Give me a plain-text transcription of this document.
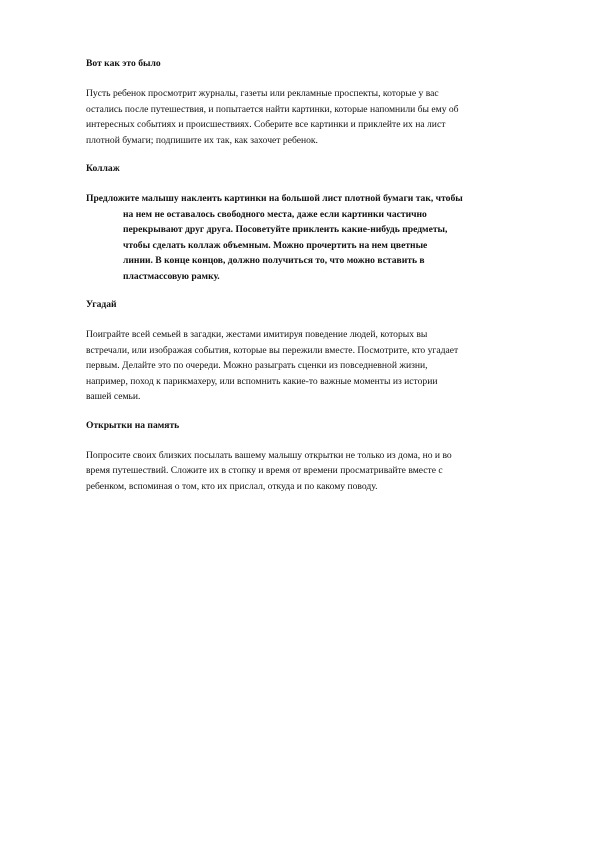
Вот как это было

Пусть ребенок просмотрит журналы, газеты или рекламные проспекты, которые у вас
остались после путешествия, и попытается найти картинки, которые напомнили бы ему об
интересных событиях и происшествиях. Соберите все картинки и приклейте их на лист
плотной бумаги; подпишите их так, как захочет ребенок.

Коллаж

Предложите малышу наклеить картинки на большой лист плотной бумаги так, чтобы
на нем не оставалось свободного места, даже если картинки частично
перекрывают друг друга. Посоветуйте приклеить какие-нибудь предметы,
чтобы сделать коллаж объемным. Можно прочертить на нем цветные
линии. В конце концов, должно получиться то, что можно вставить в
пластмассовую рамку.

Угадай

Поиграйте всей семьей в загадки, жестами имитируя поведение людей, которых вы
встречали, или изображая события, которые вы пережили вместе. Посмотрите, кто угадает
первым. Делайте это по очереди. Можно разыграть сценки из повседневной жизни,
например, поход к парикмахеру, или вспомнить какие-то важные моменты из истории
вашей семьи.

Открытки на память

Попросите своих близких посылать вашему малышу открытки не только из дома, но и во
время путешествий. Сложите их в стопку и время от времени просматривайте вместе с
ребенком, вспоминая о том, кто их прислал, откуда и по какому поводу.
